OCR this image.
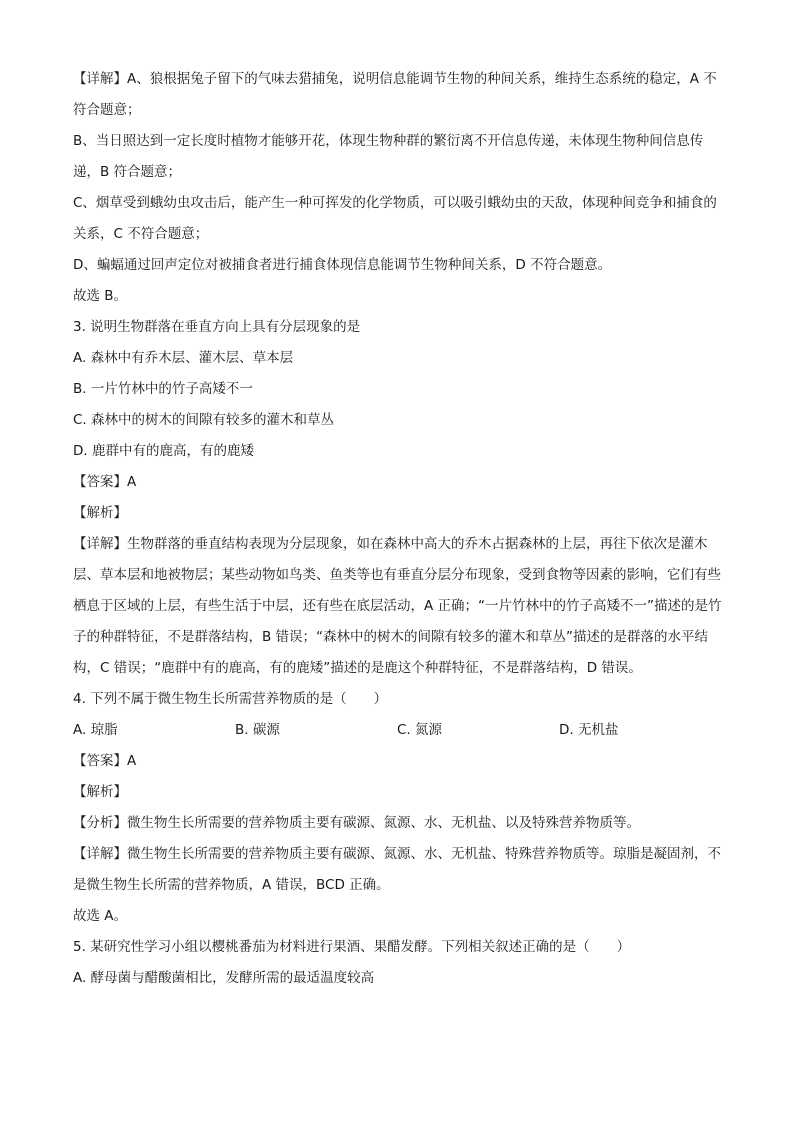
【详解】A、狼根据兔子留下的气味去猎捕兔，说明信息能调节生物的种间关系，维持生态系统的稳定，A 不符合题意；
B、当日照达到一定长度时植物才能够开花，体现生物种群的繁衍离不开信息传递，未体现生物种间信息传递，B 符合题意；
C、烟草受到蛾幼虫攻击后，能产生一种可挥发的化学物质，可以吸引蛾幼虫的天敌，体现种间竞争和捕食的关系，C 不符合题意；
D、蝙蝠通过回声定位对被捕食者进行捕食体现信息能调节生物种间关系，D 不符合题意。
故选 B。
3. 说明生物群落在垂直方向上具有分层现象的是
A. 森林中有乔木层、灌木层、草本层
B. 一片竹林中的竹子高矮不一
C. 森林中的树木的间隙有较多的灌木和草丛
D. 鹿群中有的鹿高，有的鹿矮
【答案】A
【解析】
【详解】生物群落的垂直结构表现为分层现象，如在森林中高大的乔木占据森林的上层，再往下依次是灌木层、草本层和地被物层；某些动物如鸟类、鱼类等也有垂直分层分布现象，受到食物等因素的影响，它们有些栖息于区域的上层，有些生活于中层，还有些在底层活动，A 正确；“一片竹林中的竹子高矮不一”描述的是竹子的种群特征，不是群落结构，B 错误；“森林中的树木的间隙有较多的灌木和草丛”描述的是群落的水平结构，C 错误；“鹿群中有的鹿高，有的鹿矮”描述的是鹿这个种群特征，不是群落结构，D 错误。
4. 下列不属于微生物生长所需营养物质的是（　　）
A. 琼脂	B. 碳源	C. 氮源	D. 无机盐
【答案】A
【解析】
【分析】微生物生长所需要的营养物质主要有碳源、氮源、水、无机盐、以及特殊营养物质等。
【详解】微生物生长所需要的营养物质主要有碳源、氮源、水、无机盐、特殊营养物质等。琼脂是凝固剂，不是微生物生长所需的营养物质，A 错误，BCD 正确。
故选 A。
5. 某研究性学习小组以樱桃番茄为材料进行果酒、果醋发酵。下列相关叙述正确的是（　　）
A. 酵母菌与醋酸菌相比，发酵所需的最适温度较高
